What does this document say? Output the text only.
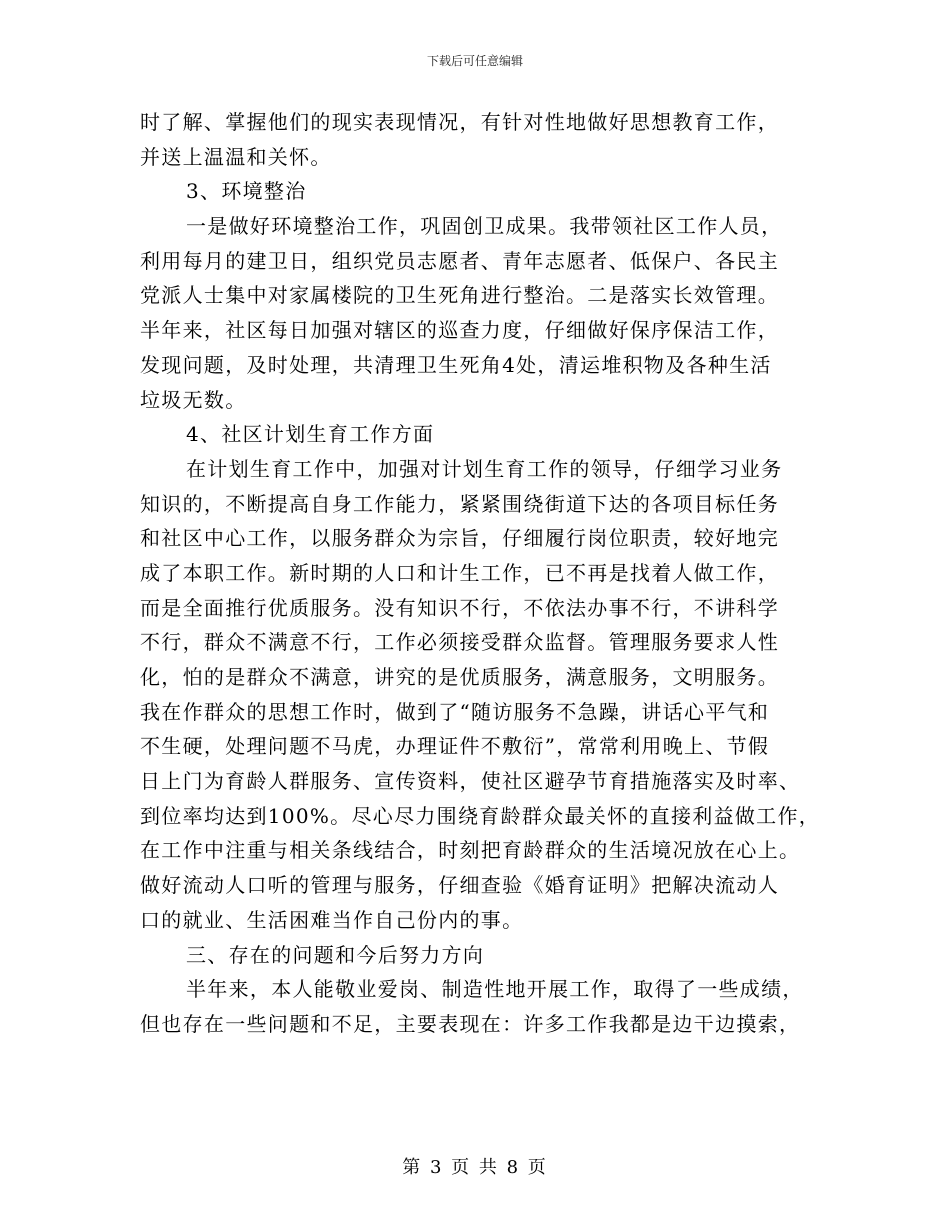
下载后可任意编辑
时了解、掌握他们的现实表现情况，有针对性地做好思想教育工作，
并送上温温和关怀。
3、环境整治
一是做好环境整治工作，巩固创卫成果。我带领社区工作人员，
利用每月的建卫日，组织党员志愿者、青年志愿者、低保户、各民主
党派人士集中对家属楼院的卫生死角进行整治。二是落实长效管理。
半年来，社区每日加强对辖区的巡查力度，仔细做好保序保洁工作，
发现问题，及时处理，共清理卫生死角4处，清运堆积物及各种生活
垃圾无数。
4、社区计划生育工作方面
在计划生育工作中，加强对计划生育工作的领导，仔细学习业务
知识的，不断提高自身工作能力，紧紧围绕街道下达的各项目标任务
和社区中心工作，以服务群众为宗旨，仔细履行岗位职责，较好地完
成了本职工作。新时期的人口和计生工作，已不再是找着人做工作，
而是全面推行优质服务。没有知识不行，不依法办事不行，不讲科学
不行，群众不满意不行，工作必须接受群众监督。管理服务要求人性
化，怕的是群众不满意，讲究的是优质服务，满意服务，文明服务。
我在作群众的思想工作时，做到了“随访服务不急躁，讲话心平气和
不生硬，处理问题不马虎，办理证件不敷衍”，常常利用晚上、节假
日上门为育龄人群服务、宣传资料，使社区避孕节育措施落实及时率、
到位率均达到100%。尽心尽力围绕育龄群众最关怀的直接利益做工作，
在工作中注重与相关条线结合，时刻把育龄群众的生活境况放在心上。
做好流动人口听的管理与服务，仔细查验《婚育证明》把解决流动人
口的就业、生活困难当作自己份内的事。
三、存在的问题和今后努力方向
半年来，本人能敬业爱岗、制造性地开展工作，取得了一些成绩，
但也存在一些问题和不足，主要表现在：许多工作我都是边干边摸索，
第 3 页 共 8 页
